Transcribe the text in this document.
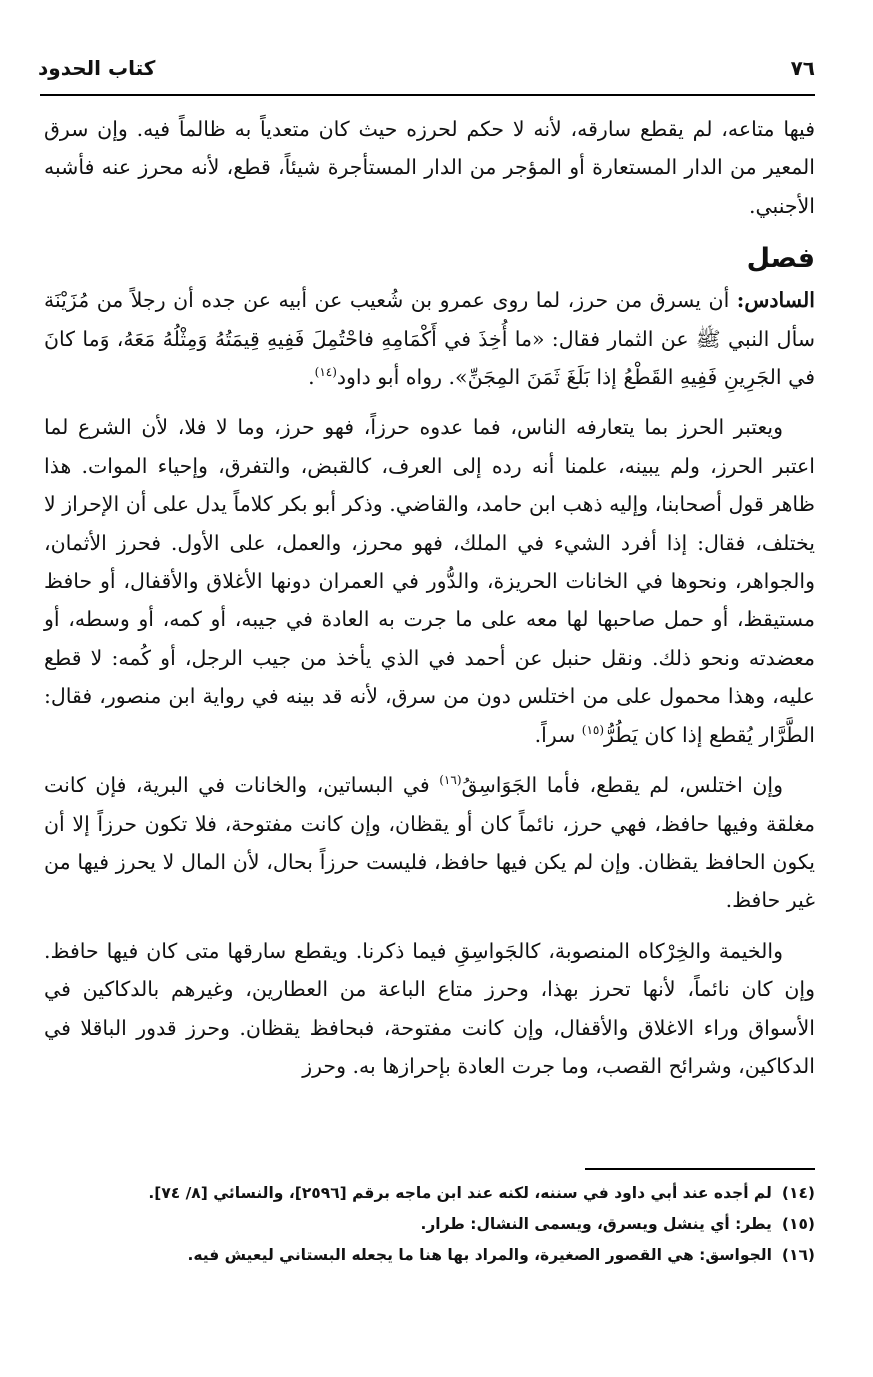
٧٦
كتاب الحدود

فيها متاعه، لم يقطع سارقه، لأنه لا حكم لحرزه حيث كان متعدياً به ظالماً فيه. وإن سرق المعير من الدار المستعارة أو المؤجر من الدار المستأجرة شيئاً، قطع، لأنه محرز عنه فأشبه الأجنبي.

فصل

السادس: أن يسرق من حرز، لما روى عمرو بن شُعيب عن أبيه عن جده أن رجلاً من مُزَيْنَة سأل النبي ﷺ عن الثمار فقال: «ما أُخِذَ في أَكْمَامِهِ فاحْتُمِلَ فَفِيهِ قِيمَتُهُ وَمِثْلُهُ مَعَهُ، وَما كانَ في الجَرِينِ فَفِيهِ القَطْعُ إذا بَلَغَ ثَمَنَ المِجَنِّ». رواه أبو داود$^{(١٤)}$.

ويعتبر الحرز بما يتعارفه الناس، فما عدوه حرزاً، فهو حرز، وما لا فلا، لأن الشرع لما اعتبر الحرز، ولم يبينه، علمنا أنه رده إلى العرف، كالقبض، والتفرق، وإحياء الموات. هذا ظاهر قول أصحابنا، وإليه ذهب ابن حامد، والقاضي. وذكر أبو بكر كلاماً يدل على أن الإحراز لا يختلف، فقال: إذا أفرد الشيء في الملك، فهو محرز، والعمل، على الأول. فحرز الأثمان، والجواهر، ونحوها في الخانات الحريزة، والدُّور في العمران دونها الأغلاق والأقفال، أو حافظ مستيقظ، أو حمل صاحبها لها معه على ما جرت به العادة في جيبه، أو كمه، أو وسطه، أو معضدته ونحو ذلك. ونقل حنبل عن أحمد في الذي يأخذ من جيب الرجل، أو كُمه: لا قطع عليه، وهذا محمول على من اختلس دون من سرق، لأنه قد بينه في رواية ابن منصور، فقال: الطَّرَّار يُقطع إذا كان يَطُرُّ$^{(١٥)}$ سراً.

وإن اختلس، لم يقطع، فأما الجَوَاسِقُ$^{(١٦)}$ في البساتين، والخانات في البرية، فإن كانت مغلقة وفيها حافظ، فهي حرز، نائماً كان أو يقظان، وإن كانت مفتوحة، فلا تكون حرزاً إلا أن يكون الحافظ يقظان. وإن لم يكن فيها حافظ، فليست حرزاً بحال، لأن المال لا يحرز فيها من غير حافظ.

والخيمة والخِرْكاه المنصوبة، كالجَواسِقِ فيما ذكرنا. ويقطع سارقها متى كان فيها حافظ. وإن كان نائماً، لأنها تحرز بهذا، وحرز متاع الباعة من العطارين، وغيرهم بالدكاكين في الأسواق وراء الاغلاق والأقفال، وإن كانت مفتوحة، فبحافظ يقظان. وحرز قدور الباقلا في الدكاكين، وشرائح القصب، وما جرت العادة بإحرازها به. وحرز

(١٤)
لم أجده عند أبي داود في سننه، لكنه عند ابن ماجه برقم [٢٥٩٦]، والنسائي [٨/ ٧٤].
(١٥)
يطر: أي ينشل ويسرق، ويسمى النشال: طرار.
(١٦)
الجواسق: هي القصور الصغيرة، والمراد بها هنا ما يجعله البستاني ليعيش فيه.
